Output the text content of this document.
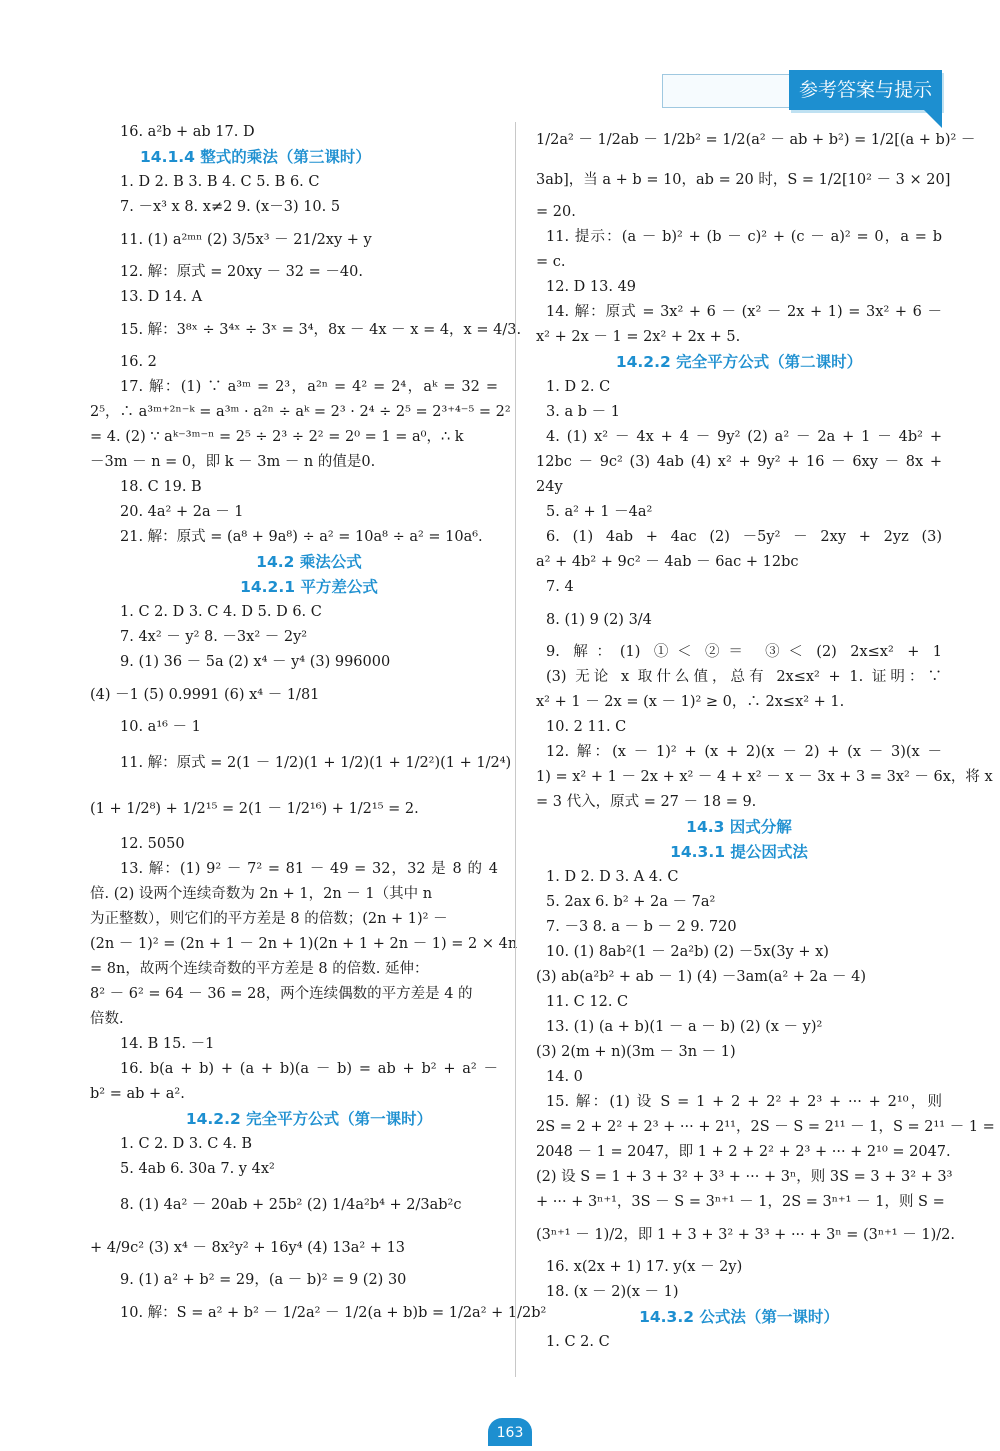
参考答案与提示
16. a²b + ab 17. D
14.1.4 整式的乘法（第三课时）
1. D 2. B 3. B 4. C 5. B 6. C
7. －x³ x 8. x≠2 9. (x－3) 10. 5
11. (1) a²ᵐⁿ (2) 3/5x³ － 21/2xy + y
12. 解：原式 = 20xy － 32 = －40.
13. D 14. A
15. 解：3⁸ˣ ÷ 3⁴ˣ ÷ 3ˣ = 3⁴，8x － 4x － x = 4，x = 4/3.
16. 2
17. 解：(1) ∵ a³ᵐ = 2³，a²ⁿ = 4² = 2⁴，aᵏ = 32 =
2⁵，∴ a³ᵐ⁺²ⁿ⁻ᵏ = a³ᵐ · a²ⁿ ÷ aᵏ = 2³ · 2⁴ ÷ 2⁵ = 2³⁺⁴⁻⁵ = 2²
= 4. (2) ∵ aᵏ⁻³ᵐ⁻ⁿ = 2⁵ ÷ 2³ ÷ 2² = 2⁰ = 1 = a⁰，∴ k
－3m － n = 0，即 k － 3m － n 的值是0.
18. C 19. B
20. 4a² + 2a － 1
21. 解：原式 = (a⁸ + 9a⁸) ÷ a² = 10a⁸ ÷ a² = 10a⁶.
14.2 乘法公式
14.2.1 平方差公式
1. C 2. D 3. C 4. D 5. D 6. C
7. 4x² － y² 8. －3x² － 2y²
9. (1) 36 － 5a (2) x⁴ － y⁴ (3) 996000
(4) －1 (5) 0.9991 (6) x⁴ － 1/81
10. a¹⁶ － 1
11. 解：原式 = 2(1 － 1/2)(1 + 1/2)(1 + 1/2²)(1 + 1/2⁴)
(1 + 1/2⁸) + 1/2¹⁵ = 2(1 － 1/2¹⁶) + 1/2¹⁵ = 2.
12. 5050
13. 解：(1) 9² － 7² = 81 － 49 = 32，32 是 8 的 4
倍. (2) 设两个连续奇数为 2n + 1，2n － 1（其中 n
为正整数），则它们的平方差是 8 的倍数；(2n + 1)² －
(2n － 1)² = (2n + 1 － 2n + 1)(2n + 1 + 2n － 1) = 2 × 4n
= 8n，故两个连续奇数的平方差是 8 的倍数. 延伸：
8² － 6² = 64 － 36 = 28，两个连续偶数的平方差是 4 的
倍数.
14. B 15. －1
16. b(a + b) + (a + b)(a － b) = ab + b² + a² －
b² = ab + a².
14.2.2 完全平方公式（第一课时）
1. C 2. D 3. C 4. B
5. 4ab 6. 30a 7. y 4x²
8. (1) 4a² － 20ab + 25b² (2) 1/4a²b⁴ + 2/3ab²c
+ 4/9c² (3) x⁴ － 8x²y² + 16y⁴ (4) 13a² + 13
9. (1) a² + b² = 29，(a － b)² = 9 (2) 30
10. 解：S = a² + b² － 1/2a² － 1/2(a + b)b = 1/2a² + 1/2b²
1/2a² － 1/2ab － 1/2b² = 1/2(a² － ab + b²) = 1/2[(a + b)² －
3ab]，当 a + b = 10，ab = 20 时，S = 1/2[10² － 3 × 20]
= 20.
11. 提示：(a － b)² + (b － c)² + (c － a)² = 0，a = b
= c.
12. D 13. 49
14. 解：原式 = 3x² + 6 － (x² － 2x + 1) = 3x² + 6 －
x² + 2x － 1 = 2x² + 2x + 5.
14.2.2 完全平方公式（第二课时）
1. D 2. C
3. a b － 1
4. (1) x² － 4x + 4 － 9y² (2) a² － 2a + 1 － 4b² +
12bc － 9c² (3) 4ab (4) x² + 9y² + 16 － 6xy － 8x +
24y
5. a² + 1 －4a²
6. (1) 4ab + 4ac (2) －5y² － 2xy + 2yz (3)
a² + 4b² + 9c² － 4ab － 6ac + 12bc
7. 4
8. (1) 9 (2) 3/4
9. 解：(1) ①＜ ②＝ ③＜ (2) 2x≤x² + 1
(3) 无论 x 取什么值，总有 2x≤x² + 1. 证明：∵
x² + 1 － 2x = (x － 1)² ≥ 0，∴ 2x≤x² + 1.
10. 2 11. C
12. 解：(x － 1)² + (x + 2)(x － 2) + (x － 3)(x －
1) = x² + 1 － 2x + x² － 4 + x² － x － 3x + 3 = 3x² － 6x，将 x
= 3 代入，原式 = 27 － 18 = 9.
14.3 因式分解
14.3.1 提公因式法
1. D 2. D 3. A 4. C
5. 2ax 6. b² + 2a － 7a²
7. －3 8. a － b － 2 9. 720
10. (1) 8ab²(1 － 2a²b) (2) －5x(3y + x)
(3) ab(a²b² + ab － 1) (4) －3am(a² + 2a － 4)
11. C 12. C
13. (1) (a + b)(1 － a － b) (2) (x － y)²
(3) 2(m + n)(3m － 3n － 1)
14. 0
15. 解：(1) 设 S = 1 + 2 + 2² + 2³ + ··· + 2¹⁰，则
2S = 2 + 2² + 2³ + ··· + 2¹¹，2S － S = 2¹¹ － 1，S = 2¹¹ － 1 =
2048 － 1 = 2047，即 1 + 2 + 2² + 2³ + ··· + 2¹⁰ = 2047.
(2) 设 S = 1 + 3 + 3² + 3³ + ··· + 3ⁿ，则 3S = 3 + 3² + 3³
+ ··· + 3ⁿ⁺¹，3S － S = 3ⁿ⁺¹ － 1，2S = 3ⁿ⁺¹ － 1，则 S =
(3ⁿ⁺¹ － 1)/2，即 1 + 3 + 3² + 3³ + ··· + 3ⁿ = (3ⁿ⁺¹ － 1)/2.
16. x(2x + 1) 17. y(x － 2y)
18. (x － 2)(x － 1)
14.3.2 公式法（第一课时）
1. C 2. C
163
